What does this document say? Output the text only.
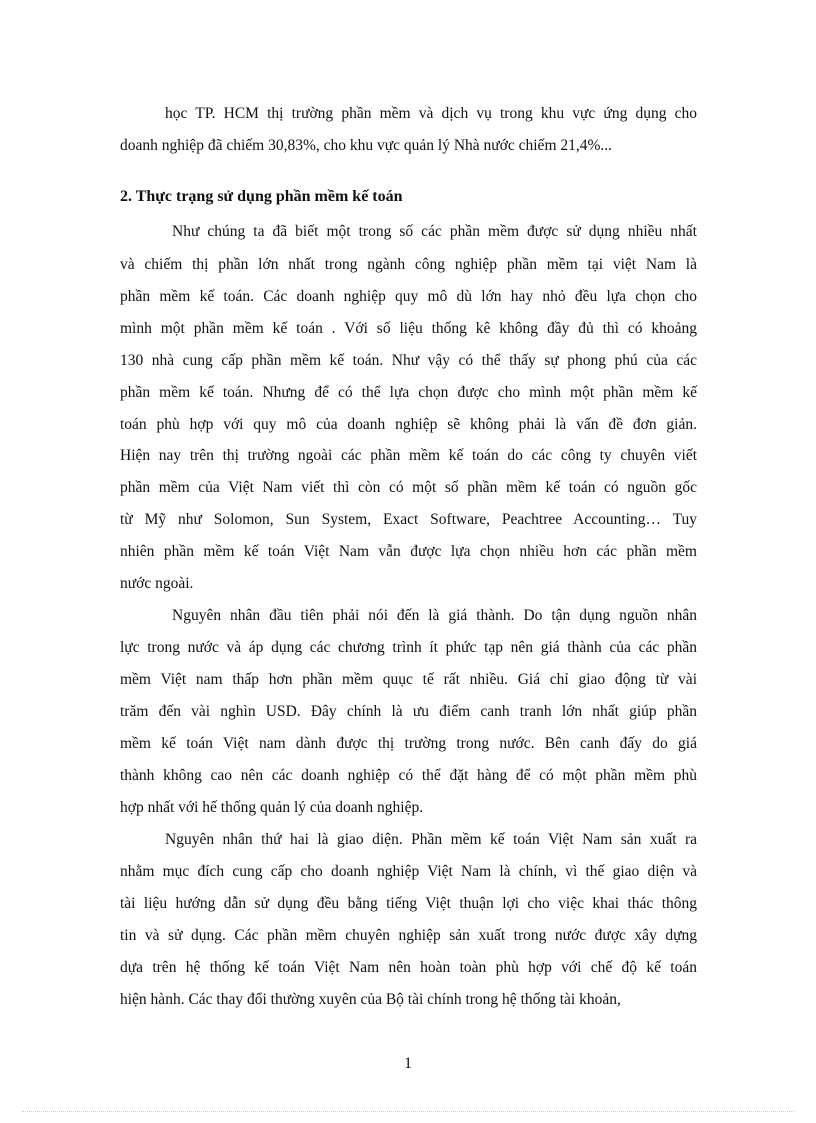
học TP. HCM thị trường phần mềm và dịch vụ trong khu vực ứng dụng cho
doanh nghiệp đã chiếm 30,83%, cho khu vực quản lý Nhà nước chiếm 21,4%...
2. Thực trạng sử dụng phần mềm kế toán
Như chúng ta đã biết một trong số các phần mềm được sử dụng nhiều nhất
và chiếm thị phần lớn nhất trong ngành công nghiệp phần mềm tại việt Nam là
phần mềm kế toán. Các doanh nghiệp quy mô dù lớn hay nhỏ đều lựa chọn cho
mình một phần mềm kế toán . Với số liệu thống kê không đầy đủ thì có khoảng
130 nhà cung cấp phần mềm kế toán. Như vậy có thể thấy sự phong phú của các
phần mềm kế toán. Nhưng để có thể lựa chọn được cho mình một phần mềm kế
toán phù hợp với quy mô của doanh nghiệp sẽ không phải là vấn đề đơn giản.
Hiện nay trên thị trường ngoài các phần mềm kế toán do các công ty chuyên viết
phần mềm của Việt Nam viết thì còn có một số phần mềm kế toán có nguồn gốc
từ Mỹ như Solomon, Sun System, Exact Software, Peachtree Accounting… Tuy
nhiên phần mềm kế toán Việt Nam vẫn được lựa chọn nhiều hơn các phần mềm
nước ngoài.
Nguyên nhân đầu tiên phải nói đến là giá thành. Do tận dụng nguồn nhân
lực trong nước và áp dụng các chương trình ít phức tạp nên giá thành của các phần
mềm Việt nam thấp hơn phần mềm quục tế rất nhiều. Giá chỉ giao động từ vài
trăm đến vài nghìn USD. Đây chính là ưu điểm canh tranh lớn nhất giúp phần
mềm kế toán Việt nam dành được thị trường trong nước. Bên canh đấy do giá
thành không cao nên các doanh nghiệp có thể đặt hàng để có một phần mềm phù
hợp nhất với hế thống quản lý của doanh nghiệp.
Nguyên nhân thứ hai là giao diện. Phần mềm kế toán Việt Nam sản xuất ra
nhằm mục đích cung cấp cho doanh nghiệp Việt Nam là chính, vì thế giao diện và
tài liệu hướng dẫn sử dụng đều bằng tiếng Việt thuận lợi cho việc khai thác thông
tin và sử dụng. Các phần mềm chuyên nghiệp sản xuất trong nước được xây dựng
dựa trên hệ thống kế toán Việt Nam nên hoàn toàn phù hợp với chế độ kế toán
hiện hành. Các thay đổi thường xuyên của Bộ tài chính trong hệ thống tài khoản,
1
